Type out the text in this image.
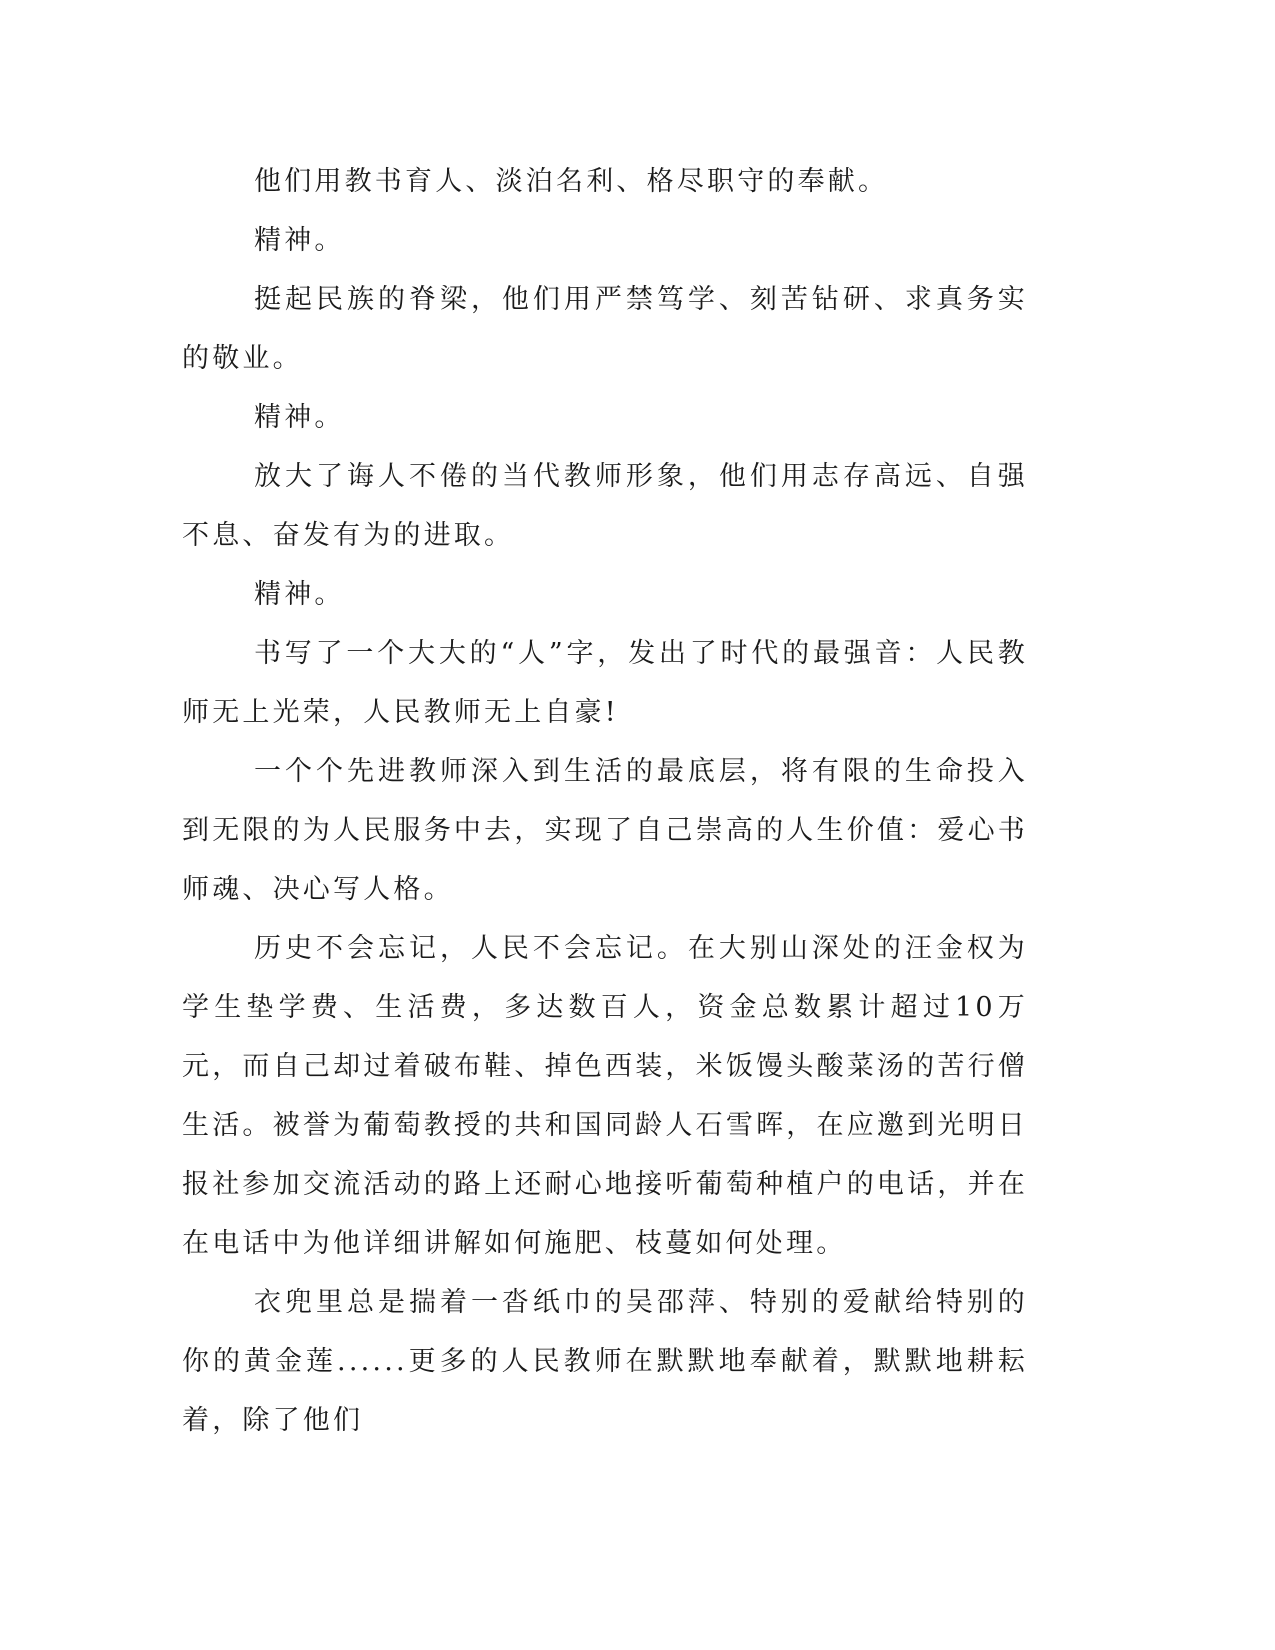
他们用教书育人、淡泊名利、格尽职守的奉献。

精神。

挺起民族的脊梁，他们用严禁笃学、刻苦钻研、求真务实的敬业。

精神。

放大了诲人不倦的当代教师形象，他们用志存高远、自强不息、奋发有为的进取。

精神。

书写了一个大大的“人”字，发出了时代的最强音：人民教师无上光荣，人民教师无上自豪!

一个个先进教师深入到生活的最底层，将有限的生命投入到无限的为人民服务中去，实现了自己崇高的人生价值：爱心书师魂、决心写人格。

历史不会忘记，人民不会忘记。在大别山深处的汪金权为学生垫学费、生活费，多达数百人，资金总数累计超过10万元，而自己却过着破布鞋、掉色西装，米饭馒头酸菜汤的苦行僧生活。被誉为葡萄教授的共和国同龄人石雪晖，在应邀到光明日报社参加交流活动的路上还耐心地接听葡萄种植户的电话，并在在电话中为他详细讲解如何施肥、枝蔓如何处理。

衣兜里总是揣着一沓纸巾的吴邵萍、特别的爱献给特别的你的黄金莲......更多的人民教师在默默地奉献着，默默地耕耘着，除了他们
